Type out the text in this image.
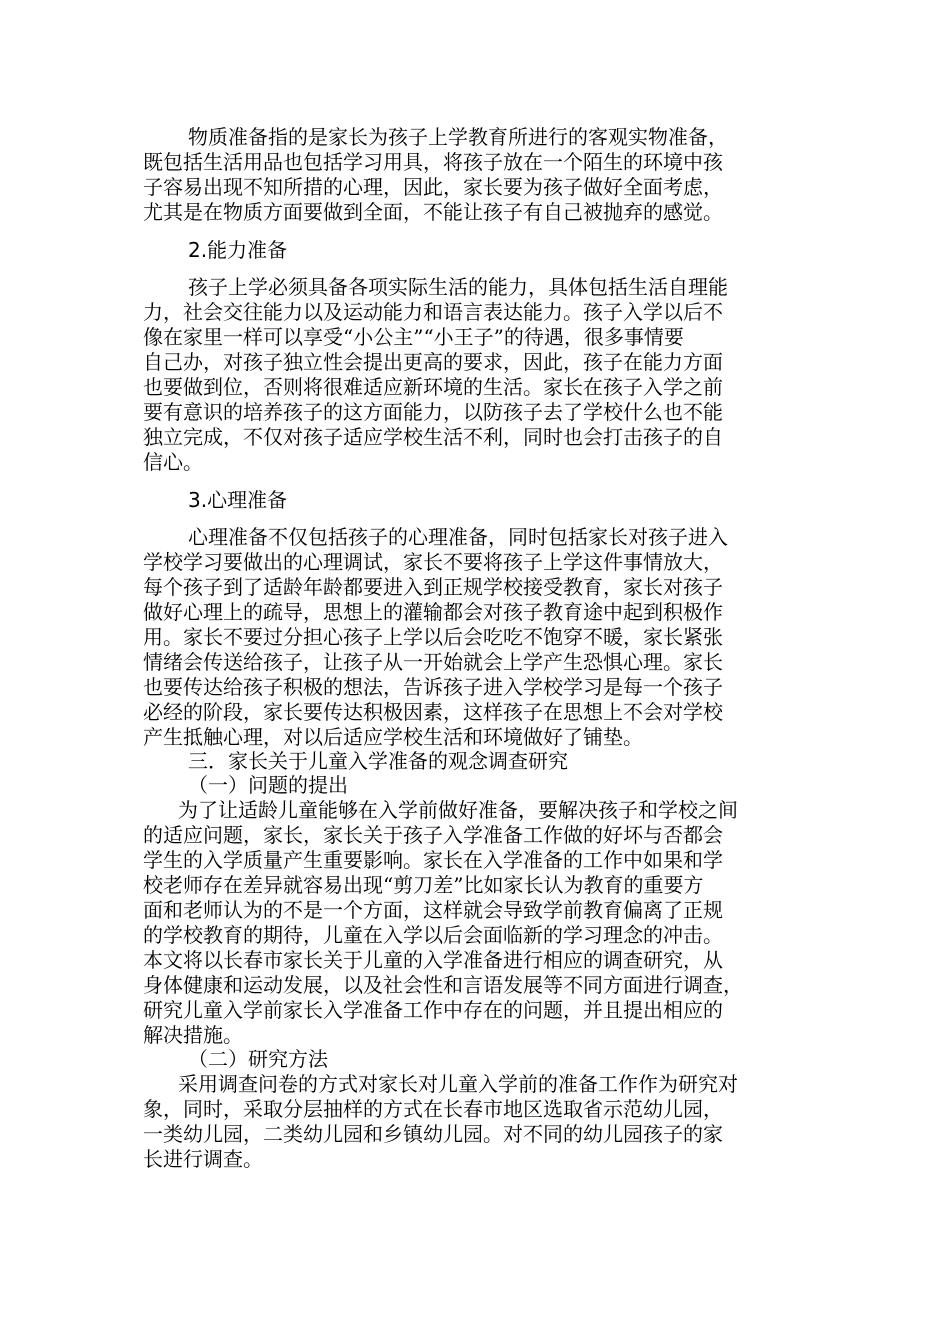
物质准备指的是家长为孩子上学教育所进行的客观实物准备，
既包括生活用品也包括学习用具，将孩子放在一个陌生的环境中孩
子容易出现不知所措的心理，因此，家长要为孩子做好全面考虑，
尤其是在物质方面要做到全面，不能让孩子有自己被抛弃的感觉。
2.能力准备
孩子上学必须具备各项实际生活的能力，具体包括生活自理能
力，社会交往能力以及运动能力和语言表达能力。孩子入学以后不
像在家里一样可以享受“小公主”“小王子”的待遇，很多事情要
自己办，对孩子独立性会提出更高的要求，因此，孩子在能力方面
也要做到位，否则将很难适应新环境的生活。家长在孩子入学之前
要有意识的培养孩子的这方面能力，以防孩子去了学校什么也不能
独立完成，不仅对孩子适应学校生活不利，同时也会打击孩子的自
信心。
3.心理准备
心理准备不仅包括孩子的心理准备，同时包括家长对孩子进入
学校学习要做出的心理调试，家长不要将孩子上学这件事情放大，
每个孩子到了适龄年龄都要进入到正规学校接受教育，家长对孩子
做好心理上的疏导，思想上的灌输都会对孩子教育途中起到积极作
用。家长不要过分担心孩子上学以后会吃吃不饱穿不暖，家长紧张
情绪会传送给孩子，让孩子从一开始就会上学产生恐惧心理。家长
也要传达给孩子积极的想法，告诉孩子进入学校学习是每一个孩子
必经的阶段，家长要传达积极因素，这样孩子在思想上不会对学校
产生抵触心理，对以后适应学校生活和环境做好了铺垫。
三．家长关于儿童入学准备的观念调查研究
（一）问题的提出
为了让适龄儿童能够在入学前做好准备，要解决孩子和学校之间
的适应问题，家长，家长关于孩子入学准备工作做的好坏与否都会
学生的入学质量产生重要影响。家长在入学准备的工作中如果和学
校老师存在差异就容易出现“剪刀差”比如家长认为教育的重要方
面和老师认为的不是一个方面，这样就会导致学前教育偏离了正规
的学校教育的期待，儿童在入学以后会面临新的学习理念的冲击。
本文将以长春市家长关于儿童的入学准备进行相应的调查研究，从
身体健康和运动发展，以及社会性和言语发展等不同方面进行调查，
研究儿童入学前家长入学准备工作中存在的问题，并且提出相应的
解决措施。
（二）研究方法
采用调查问卷的方式对家长对儿童入学前的准备工作作为研究对
象，同时，采取分层抽样的方式在长春市地区选取省示范幼儿园，
一类幼儿园，二类幼儿园和乡镇幼儿园。对不同的幼儿园孩子的家
长进行调查。
